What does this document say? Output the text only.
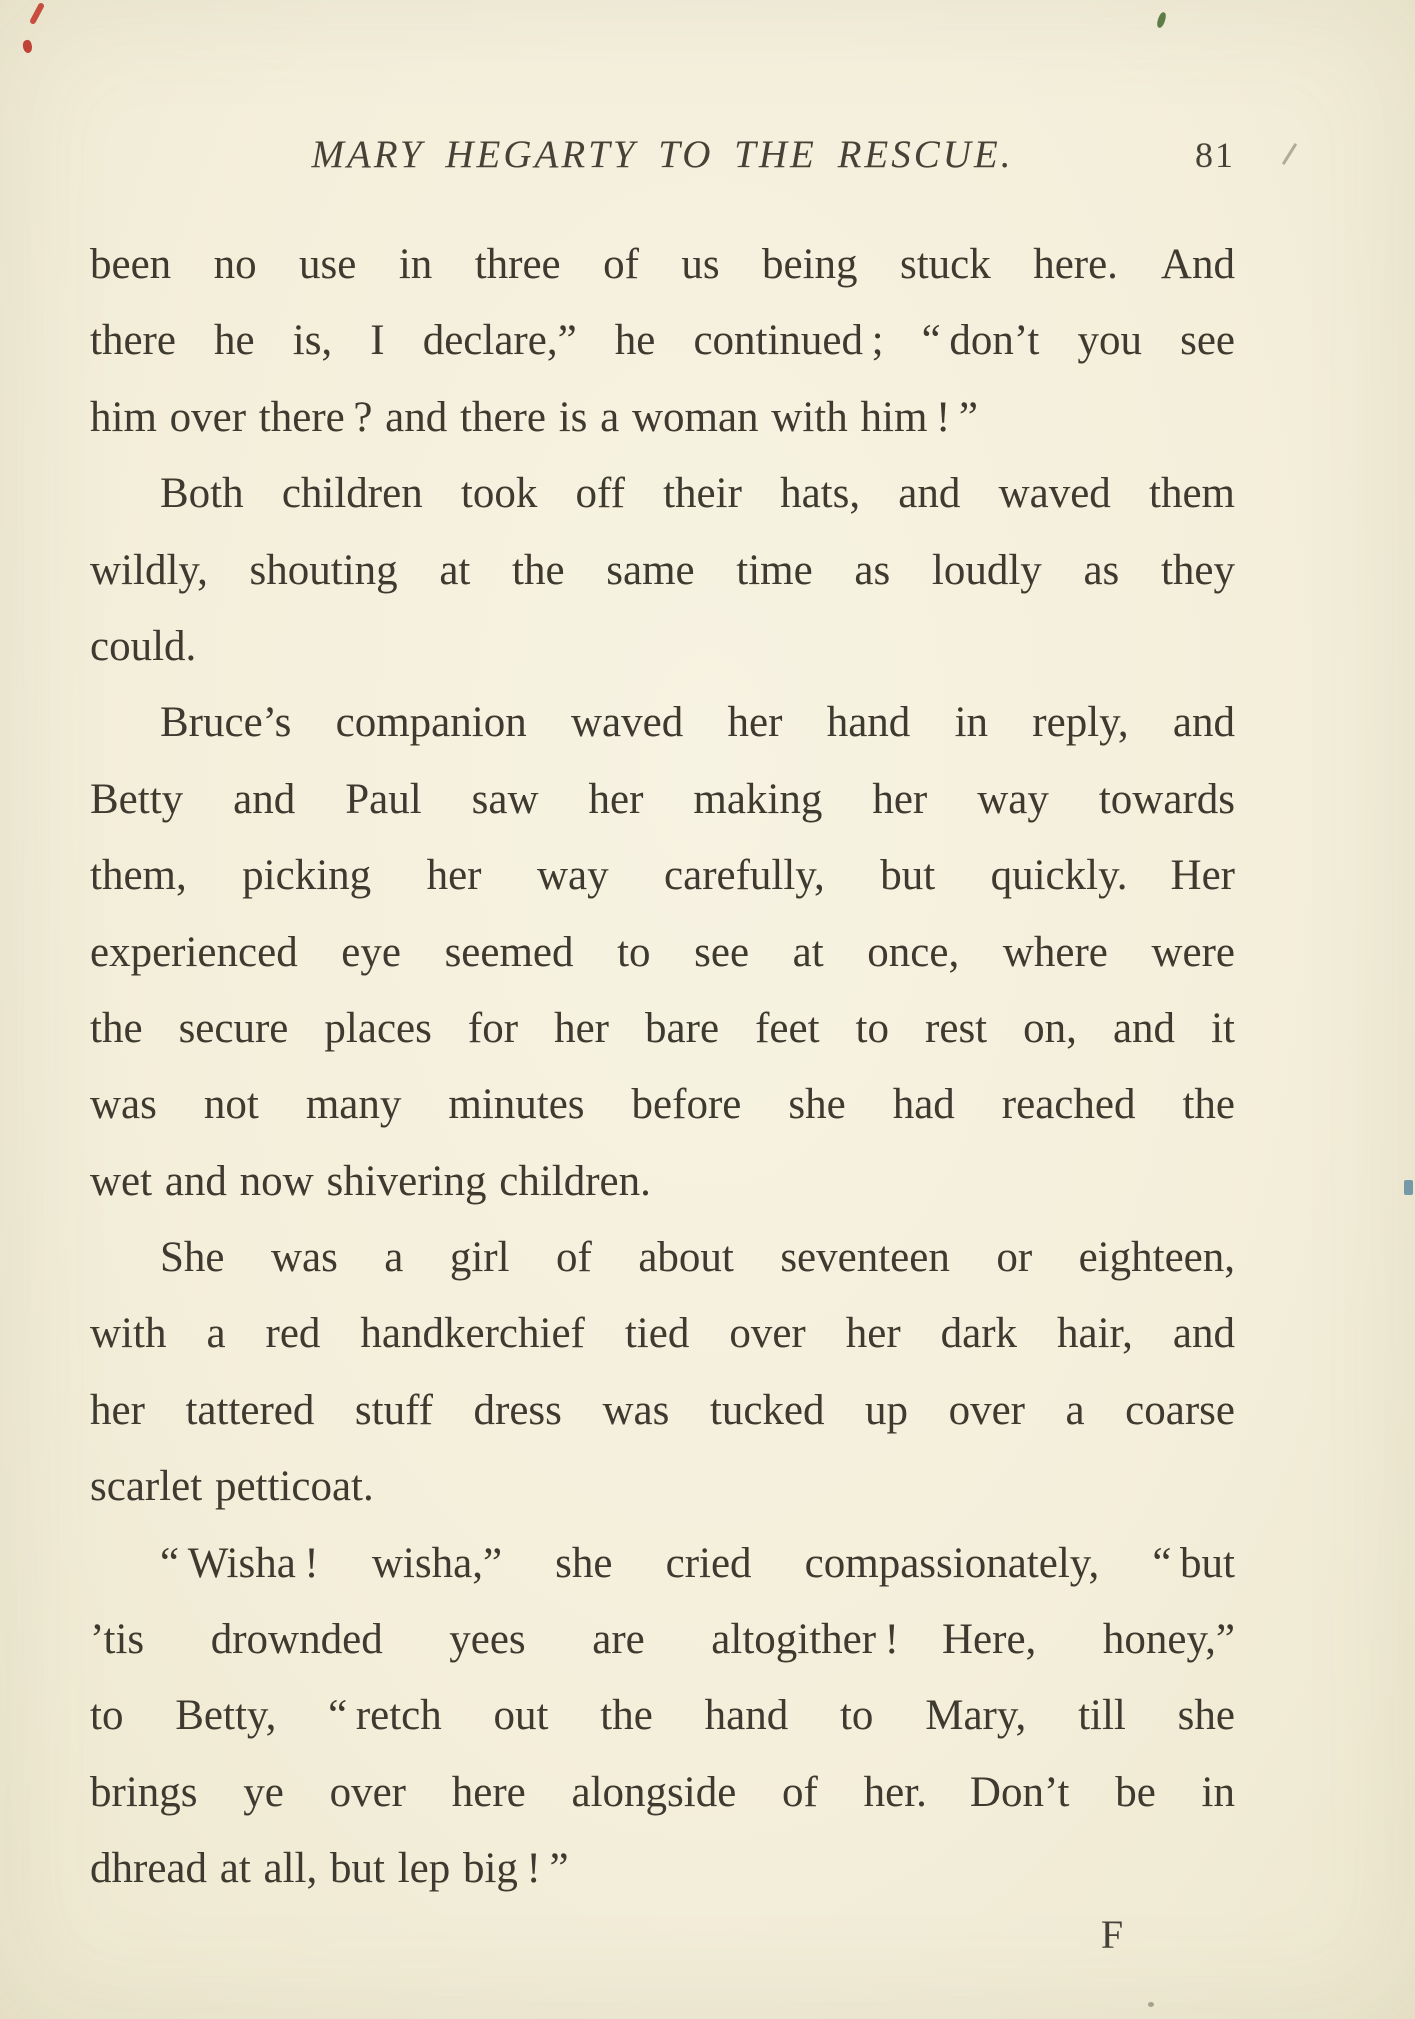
MARY HEGARTY TO THE RESCUE.	81
been no use in three of us being stuck here. And
there he is, I declare,” he continued ; “ don’t you see
him over there ? and there is a woman with him ! ”
Both children took off their hats, and waved them
wildly, shouting at the same time as loudly as they
could.
Bruce’s companion waved her hand in reply, and
Betty and Paul saw her making her way towards
them, picking her way carefully, but quickly. Her
experienced eye seemed to see at once, where were
the secure places for her bare feet to rest on, and it
was not many minutes before she had reached the
wet and now shivering children.
She was a girl of about seventeen or eighteen,
with a red handkerchief tied over her dark hair, and
her tattered stuff dress was tucked up over a coarse
scarlet petticoat.
“ Wisha ! wisha,” she cried compassionately, “ but
’tis drownded yees are altogither ! Here, honey,”
to Betty, “ retch out the hand to Mary, till she
brings ye over here alongside of her. Don’t be in
dhread at all, but lep big ! ”
F
